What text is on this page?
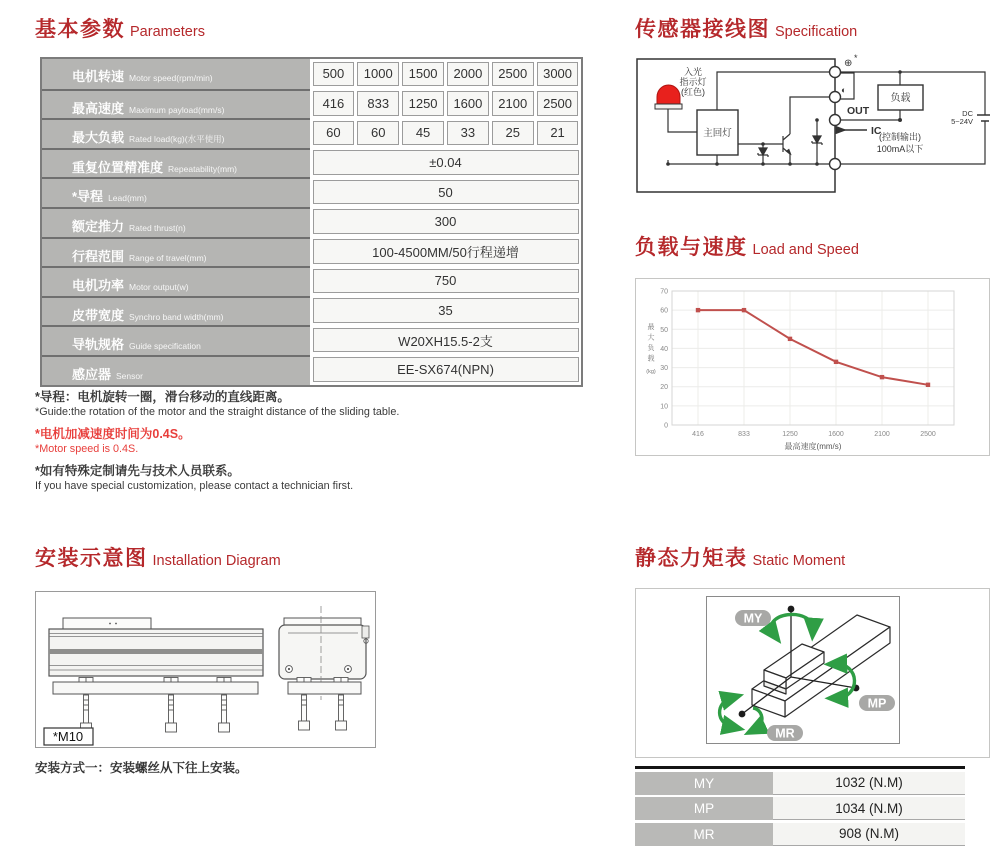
基本参数 Parameters
电机转速 Motor speed(rpm/min)	500	1000	1500	2000	2500	3000
最高速度 Maximum payload(mm/s)	416	833	1250	1600	2100	2500
最大负载 Rated load(kg)(水平使用)	60	60	45	33	25	21
重复位置精准度 Repeatability(mm)	±0.04
*导程 Lead(mm)	50
额定推力 Rated thrust(n)	300
行程范围 Range of travel(mm)	100-4500MM/50行程递增
电机功率 Motor output(w)	750
皮带宽度 Synchro band width(mm)	35
导轨规格 Guide specification	W20XH15.5-2支
感应器 Sensor	EE-SX674(NPN)
*导程：电机旋转一圈，滑台移动的直线距离。
*Guide:the rotation of the motor and the straight distance of the sliding table.
*电机加减速度时间为0.4S。
*Motor speed is 0.4S.
*如有特殊定制请先与技术人员联系。
If you have special customization, please contact a technician first.
安装示意图 Installation Diagram
*M10
安装方式一：安装螺丝从下往上安装。
传感器接线图 Specification
入光
指示灯
(红色)
主回灯
⊕ *
◐
OUT
IC
负载
(控制输出)
100mA以下
DC
5~24V
负载与速度 Load and Speed
0
10
20
30
40
50
60
70
416	833	1250	1600	2100	2500
最高速度(mm/s)
最
大
负
载
(kg)
静态力矩表 Static Moment
MY
MP
MR
MY	1032 (N.M)
MP	1034 (N.M)
MR	908 (N.M)
